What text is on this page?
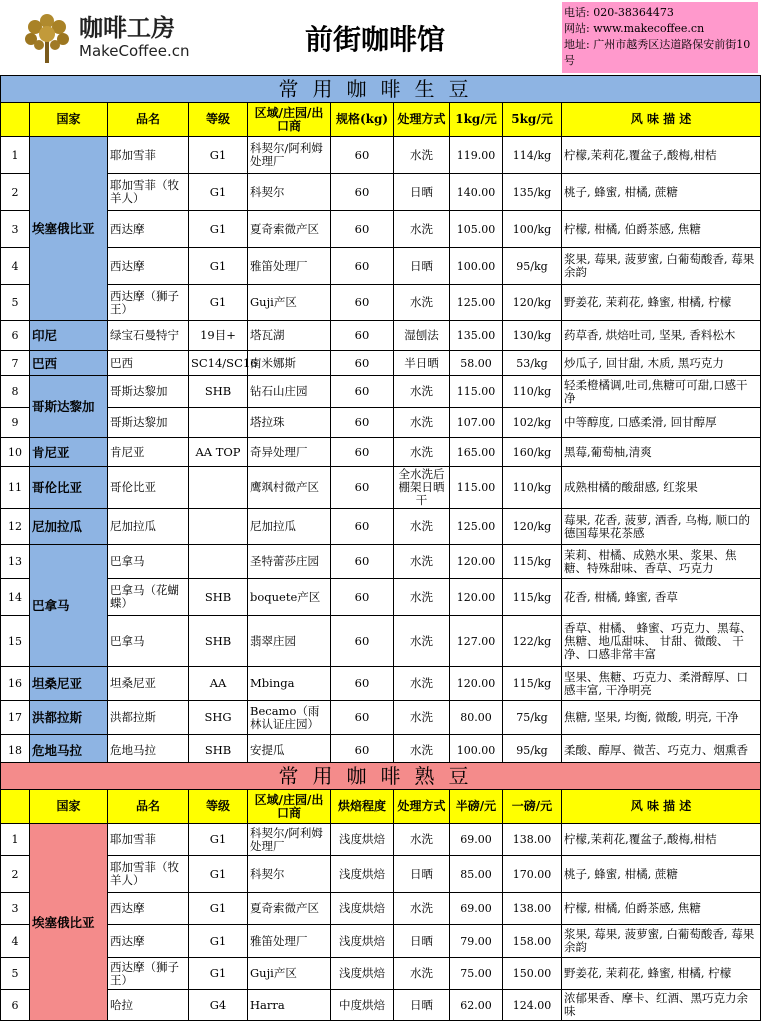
咖啡工房
MakeCoffee.cn	前街咖啡馆
电话: 020-38364473
网站: www.makecoffee.cn
地址: 广州市越秀区达道路保安前街10号
常用咖啡生豆									
	国家	品名	等级	区域/庄园/出口商	规格(kg)	处理方式	1kg/元	5kg/元	风 味 描 述
1	埃塞俄比亚	耶加雪菲	G1	科契尔/阿利姆处理厂	60	水洗	119.00	114/kg	柠檬,茉莉花,覆盆子,酸梅,柑桔
2		耶加雪菲（牧羊人）	G1	科契尔	60	日晒	140.00	135/kg	桃子, 蜂蜜, 柑橘, 蔗糖
3		西达摩	G1	夏奇索微产区	60	水洗	105.00	100/kg	柠檬, 柑橘, 伯爵茶感, 焦糖
4		西达摩	G1	雅笛处理厂	60	日晒	100.00	95/kg	浆果, 莓果, 菠萝蜜, 白葡萄酸香, 莓果余韵
5		西达摩（狮子王）	G1	Guji产区	60	水洗	125.00	120/kg	野姜花, 茉莉花, 蜂蜜, 柑橘, 柠檬
6	印尼	绿宝石曼特宁	19目+	塔瓦湖	60	湿刨法	135.00	130/kg	药草香, 烘焙吐司, 坚果, 香料松木
7	巴西	巴西	SC14/SC16	南米娜斯	60	半日晒	58.00	53/kg	炒瓜子, 回甘甜, 木质, 黑巧克力
8	哥斯达黎加	哥斯达黎加	SHB	钻石山庄园	60	水洗	115.00	110/kg	轻柔橙橘调,吐司,焦糖可可甜,口感干净
9		哥斯达黎加		塔拉珠	60	水洗	107.00	102/kg	中等醇度, 口感柔滑, 回甘醇厚
10	肯尼亚	肯尼亚	AA TOP	奇异处理厂	60	水洗	165.00	160/kg	黑莓,葡萄柚,清爽
11	哥伦比亚	哥伦比亚		鹰飒村微产区	60	全水洗后棚架日晒干	115.00	110/kg	成熟柑橘的酸甜感, 红浆果
12	尼加拉瓜	尼加拉瓜		尼加拉瓜	60	水洗	125.00	120/kg	莓果, 花香, 菠萝, 酒香, 乌梅, 顺口的德国莓果花茶感
13	巴拿马	巴拿马		圣特蕾莎庄园	60	水洗	120.00	115/kg	茉莉、柑橘、成熟水果、浆果、焦糖、特殊甜味、香草、巧克力
14		巴拿马（花蝴蝶）	SHB	boquete产区	60	水洗	120.00	115/kg	花香, 柑橘, 蜂蜜, 香草
15		巴拿马	SHB	翡翠庄园	60	水洗	127.00	122/kg	香草、柑橘、 蜂蜜、巧克力、黑莓、 焦糖、地瓜甜味、 甘甜、微酸、 干净、口感非常丰富
16	坦桑尼亚	坦桑尼亚	AA	Mbinga	60	水洗	120.00	115/kg	坚果、焦糖、巧克力、柔滑醇厚、口感丰富, 干净明亮
17	洪都拉斯	洪都拉斯	SHG	Becamo（雨林认证庄园）	60	水洗	80.00	75/kg	焦糖, 坚果, 均衡, 微酸, 明亮, 干净
18	危地马拉	危地马拉	SHB	安提瓜	60	水洗	100.00	95/kg	柔酸、醇厚、微苦、巧克力、烟熏香
常用咖啡熟豆									
	国家	品名	等级	区域/庄园/出口商	烘焙程度	处理方式	半磅/元	一磅/元	风 味 描 述
1	埃塞俄比亚	耶加雪菲	G1	科契尔/阿利姆处理厂	浅度烘焙	水洗	69.00	138.00	柠檬,茉莉花,覆盆子,酸梅,柑桔
2		耶加雪菲（牧羊人）	G1	科契尔	浅度烘焙	日晒	85.00	170.00	桃子, 蜂蜜, 柑橘, 蔗糖
3		西达摩	G1	夏奇索微产区	浅度烘焙	水洗	69.00	138.00	柠檬, 柑橘, 伯爵茶感, 焦糖
4		西达摩	G1	雅笛处理厂	浅度烘焙	日晒	79.00	158.00	浆果, 莓果, 菠萝蜜, 白葡萄酸香, 莓果余韵
5		西达摩（狮子王）	G1	Guji产区	浅度烘焙	水洗	75.00	150.00	野姜花, 茉莉花, 蜂蜜, 柑橘, 柠檬
6		哈拉	G4	Harra	中度烘焙	日晒	62.00	124.00	浓郁果香、摩卡、红酒、黑巧克力余味
